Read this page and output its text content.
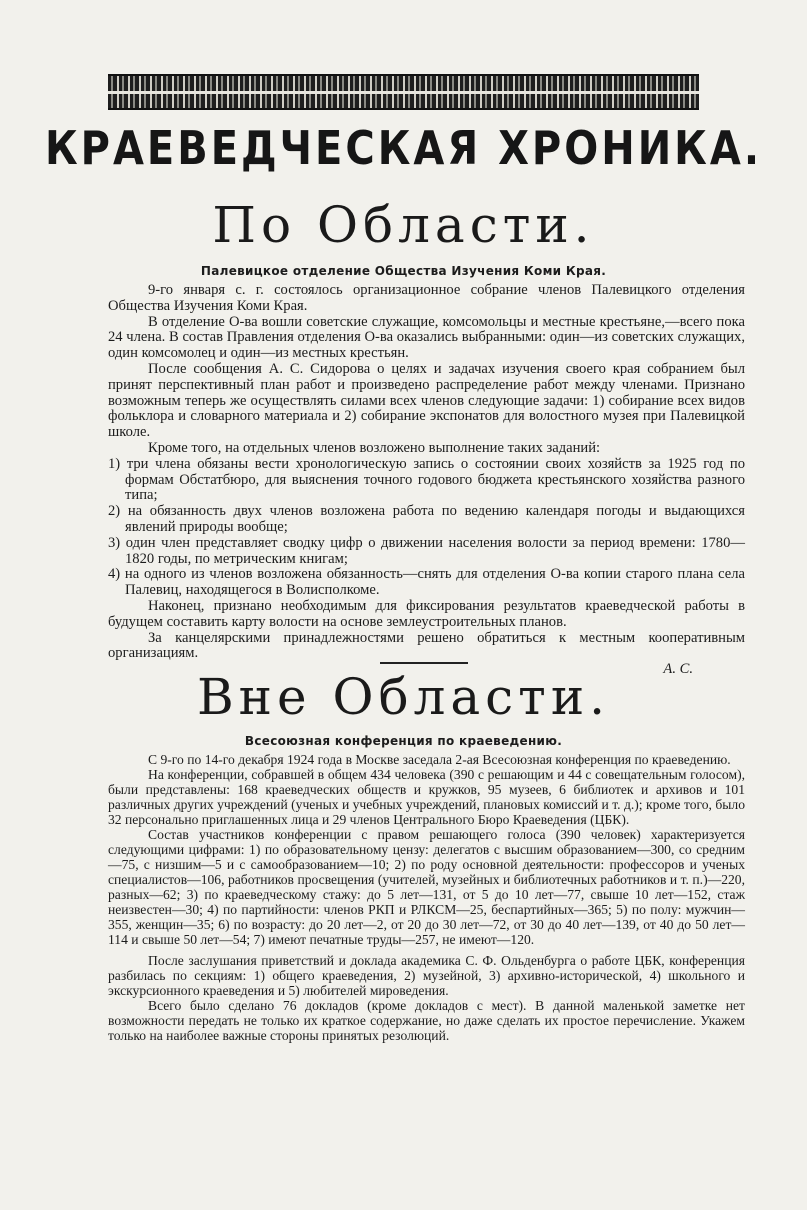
КРАЕВЕДЧЕСКАЯ ХРОНИКА.
По Области.
Палевицкое отделение Общества Изучения Коми Края.

9-го января с. г. состоялось организационное собрание членов Палевицкого отделения Общества Изучения Коми Края.

В отделение О-ва вошли советские служащие, комсомольцы и местные крестьяне,—всего пока 24 члена. В состав Правления отделения О-ва оказались выбранными: один—из советских служащих, один комсомолец и один—из местных крестьян.

После сообщения А. С. Сидорова о целях и задачах изучения своего края собранием был принят перспективный план работ и произведено распределение работ между членами. Признано возможным теперь же осуществлять силами всех членов следующие задачи: 1) собирание всех видов фольклора и словарного материала и 2) собирание экспонатов для волостного музея при Палевицкой школе.

Кроме того, на отдельных членов возложено выполнение таких заданий:

1) три члена обязаны вести хронологическую запись о состоянии своих хозяйств за 1925 год по формам Обстатбюро, для выяснения точного годового бюджета крестьянского хозяйства разного типа;
2) на обязанность двух членов возложена работа по ведению календаря погоды и выдающихся явлений природы вообще;
3) один член представляет сводку цифр о движении населения волости за период времени: 1780—1820 годы, по метрическим книгам;
4) на одного из членов возложена обязанность—снять для отделения О-ва копии старого плана села Палевиц, находящегося в Волисполкоме.

Наконец, признано необходимым для фиксирования результатов краеведческой работы в будущем составить карту волости на основе землеустроительных планов.

За канцелярскими принадлежностями решено обратиться к местным кооперативным организациям.

А. С.
Вне Области.
Всесоюзная конференция по краеведению.

С 9-го по 14-го декабря 1924 года в Москве заседала 2-ая Всесоюзная конференция по краеведению.

На конференции, собравшей в общем 434 человека (390 с решающим и 44 с совещательным голосом), были представлены: 168 краеведческих обществ и кружков, 95 музеев, 6 библиотек и архивов и 101 различных других учреждений (ученых и учебных учреждений, плановых комиссий и т. д.); кроме того, было 32 персонально приглашенных лица и 29 членов Центрального Бюро Краеведения (ЦБК).

Состав участников конференции с правом решающего голоса (390 человек) характеризуется следующими цифрами: 1) по образовательному цензу: делегатов с высшим образованием—300, со средним—75, с низшим—5 и с самообразованием—10; 2) по роду основной деятельности: профессоров и ученых специалистов—106, работников просвещения (учителей, музейных и библиотечных работников и т. п.)—220, разных—62; 3) по краеведческому стажу: до 5 лет—131, от 5 до 10 лет—77, свыше 10 лет—152, стаж неизвестен—30; 4) по партийности: членов РКП и РЛКСМ—25, беспартийных—365; 5) по полу: мужчин—355, женщин—35; 6) по возрасту: до 20 лет—2, от 20 до 30 лет—72, от 30 до 40 лет—139, от 40 до 50 лет—114 и свыше 50 лет—54; 7) имеют печатные труды—257, не имеют—120.

После заслушания приветствий и доклада академика С. Ф. Ольденбурга о работе ЦБК, конференция разбилась по секциям: 1) общего краеведения, 2) музейной, 3) архивно-исторической, 4) школьного и экскурсионного краеведения и 5) любителей мироведения.

Всего было сделано 76 докладов (кроме докладов с мест). В данной маленькой заметке нет возможности передать не только их краткое содержание, но даже сделать их простое перечисление. Укажем только на наиболее важные стороны принятых резолюций.
